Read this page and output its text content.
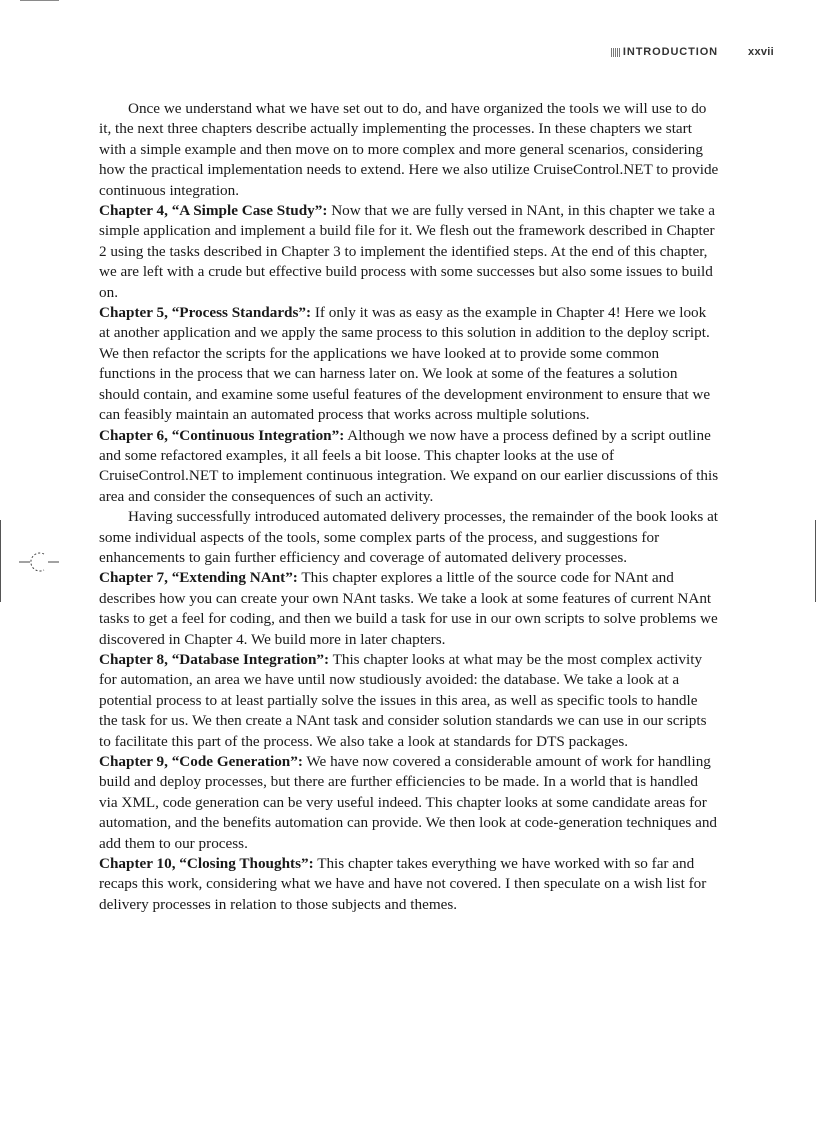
INTRODUCTION	xxvii

Once we understand what we have set out to do, and have organized the tools we will use to do it, the next three chapters describe actually implementing the processes. In these chapters we start with a simple example and then move on to more complex and more general scenarios, considering how the practical implementation needs to extend. Here we also utilize CruiseControl.NET to provide continuous integration.

Chapter 4, “A Simple Case Study”: Now that we are fully versed in NAnt, in this chapter we take a simple application and implement a build file for it. We flesh out the framework described in Chapter 2 using the tasks described in Chapter 3 to implement the identified steps. At the end of this chapter, we are left with a crude but effective build process with some successes but also some issues to build on.

Chapter 5, “Process Standards”: If only it was as easy as the example in Chapter 4! Here we look at another application and we apply the same process to this solution in addition to the deploy script. We then refactor the scripts for the applications we have looked at to provide some common functions in the process that we can harness later on. We look at some of the features a solution should contain, and examine some useful features of the development environment to ensure that we can feasibly maintain an automated process that works across multiple solutions.

Chapter 6, “Continuous Integration”: Although we now have a process defined by a script outline and some refactored examples, it all feels a bit loose. This chapter looks at the use of CruiseControl.NET to implement continuous integration. We expand on our earlier discussions of this area and consider the consequences of such an activity.

Having successfully introduced automated delivery processes, the remainder of the book looks at some individual aspects of the tools, some complex parts of the process, and suggestions for enhancements to gain further efficiency and coverage of automated delivery processes.

Chapter 7, “Extending NAnt”: This chapter explores a little of the source code for NAnt and describes how you can create your own NAnt tasks. We take a look at some features of current NAnt tasks to get a feel for coding, and then we build a task for use in our own scripts to solve problems we discovered in Chapter 4. We build more in later chapters.

Chapter 8, “Database Integration”: This chapter looks at what may be the most complex activity for automation, an area we have until now studiously avoided: the database. We take a look at a potential process to at least partially solve the issues in this area, as well as specific tools to handle the task for us. We then create a NAnt task and consider solution standards we can use in our scripts to facilitate this part of the process. We also take a look at standards for DTS packages.

Chapter 9, “Code Generation”: We have now covered a considerable amount of work for handling build and deploy processes, but there are further efficiencies to be made. In a world that is handled via XML, code generation can be very useful indeed. This chapter looks at some candidate areas for automation, and the benefits automation can provide. We then look at code-generation techniques and add them to our process.

Chapter 10, “Closing Thoughts”: This chapter takes everything we have worked with so far and recaps this work, considering what we have and have not covered. I then speculate on a wish list for delivery processes in relation to those subjects and themes.
